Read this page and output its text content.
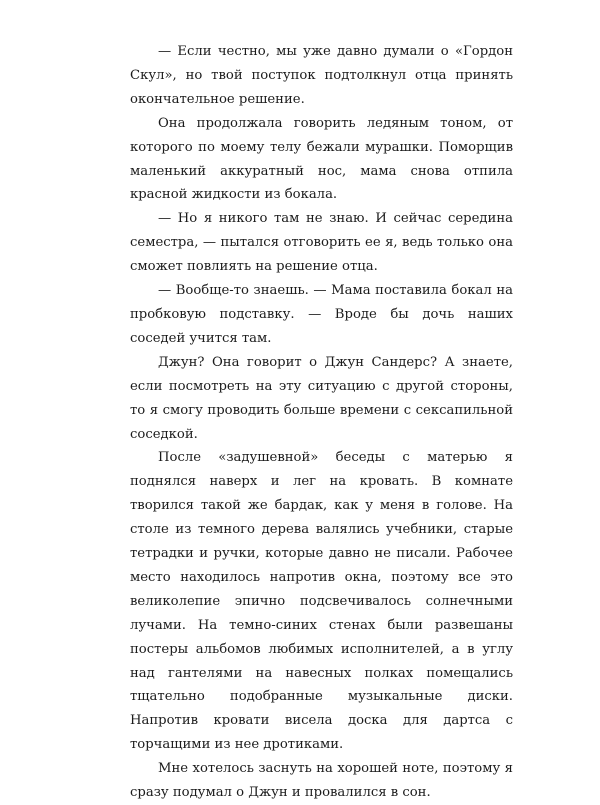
— Если честно, мы уже давно думали о «Гордон Скул», но твой поступок подтолкнул отца принять окончательное решение.

Она продолжала говорить ледяным тоном, от которого по моему телу бежали мурашки. Поморщив маленький аккуратный нос, мама снова отпила красной жидкости из бокала.

— Но я никого там не знаю. И сейчас середина семестра, — пытался отговорить ее я, ведь только она сможет повлиять на решение отца.

— Вообще-то знаешь. — Мама поставила бокал на пробковую подставку. — Вроде бы дочь наших соседей учится там.

Джун? Она говорит о Джун Сандерс? А знаете, если посмотреть на эту ситуацию с другой стороны, то я смогу проводить больше времени с сексапильной соседкой.

После «задушевной» беседы с матерью я поднялся наверх и лег на кровать. В комнате творился такой же бардак, как у меня в голове. На столе из темного дерева валялись учебники, старые тетрадки и ручки, которые давно не писали. Рабочее место находилось напротив окна, поэтому все это великолепие эпично подсвечивалось солнечными лучами. На темно-синих стенах были развешаны постеры альбомов любимых исполнителей, а в углу над гантелями на навесных полках помещались тщательно подобранные музыкальные диски. Напротив кровати висела доска для дартса с торчащими из нее дротиками.

Мне хотелось заснуть на хорошей ноте, поэтому я сразу подумал о Джун и провалился в сон.
